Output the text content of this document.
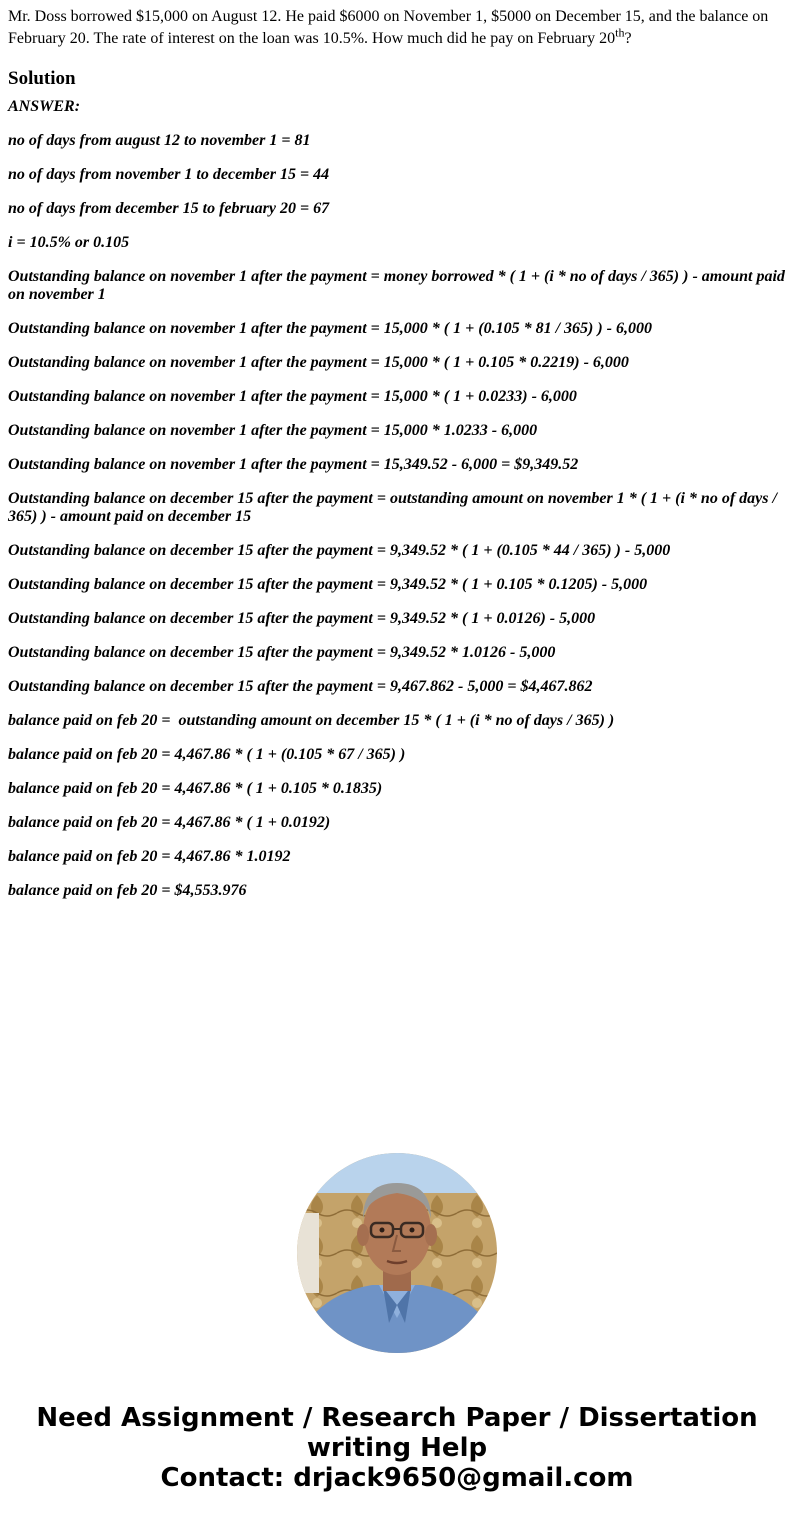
Mr. Doss borrowed $15,000 on August 12. He paid $6000 on November 1, $5000 on December 15, and the balance on February 20. The rate of interest on the loan was 10.5%. How much did he pay on February 20th?

Solution

ANSWER:

no of days from august 12 to november 1 = 81

no of days from november 1 to december 15 = 44

no of days from december 15 to february 20 = 67

i = 10.5% or 0.105

Outstanding balance on november 1 after the payment = money borrowed * ( 1 + (i * no of days / 365) ) - amount paid on november 1

Outstanding balance on november 1 after the payment = 15,000 * ( 1 + (0.105 * 81 / 365) ) - 6,000

Outstanding balance on november 1 after the payment = 15,000 * ( 1 + 0.105 * 0.2219) - 6,000

Outstanding balance on november 1 after the payment = 15,000 * ( 1 + 0.0233) - 6,000

Outstanding balance on november 1 after the payment = 15,000 * 1.0233 - 6,000

Outstanding balance on november 1 after the payment = 15,349.52 - 6,000 = $9,349.52

Outstanding balance on december 15 after the payment = outstanding amount on november 1 * ( 1 + (i * no of days / 365) ) - amount paid on december 15

Outstanding balance on december 15 after the payment = 9,349.52 * ( 1 + (0.105 * 44 / 365) ) - 5,000

Outstanding balance on december 15 after the payment = 9,349.52 * ( 1 + 0.105 * 0.1205) - 5,000

Outstanding balance on december 15 after the payment = 9,349.52 * ( 1 + 0.0126) - 5,000

Outstanding balance on december 15 after the payment = 9,349.52 * 1.0126 - 5,000

Outstanding balance on december 15 after the payment = 9,467.862 - 5,000 = $4,467.862

balance paid on feb 20 =  outstanding amount on december 15 * ( 1 + (i * no of days / 365) )

balance paid on feb 20 = 4,467.86 * ( 1 + (0.105 * 67 / 365) )

balance paid on feb 20 = 4,467.86 * ( 1 + 0.105 * 0.1835)

balance paid on feb 20 = 4,467.86 * ( 1 + 0.0192)

balance paid on feb 20 = 4,467.86 * 1.0192

balance paid on feb 20 = $4,553.976

Need Assignment / Research Paper / Dissertation
writing Help
Contact: drjack9650@gmail.com
